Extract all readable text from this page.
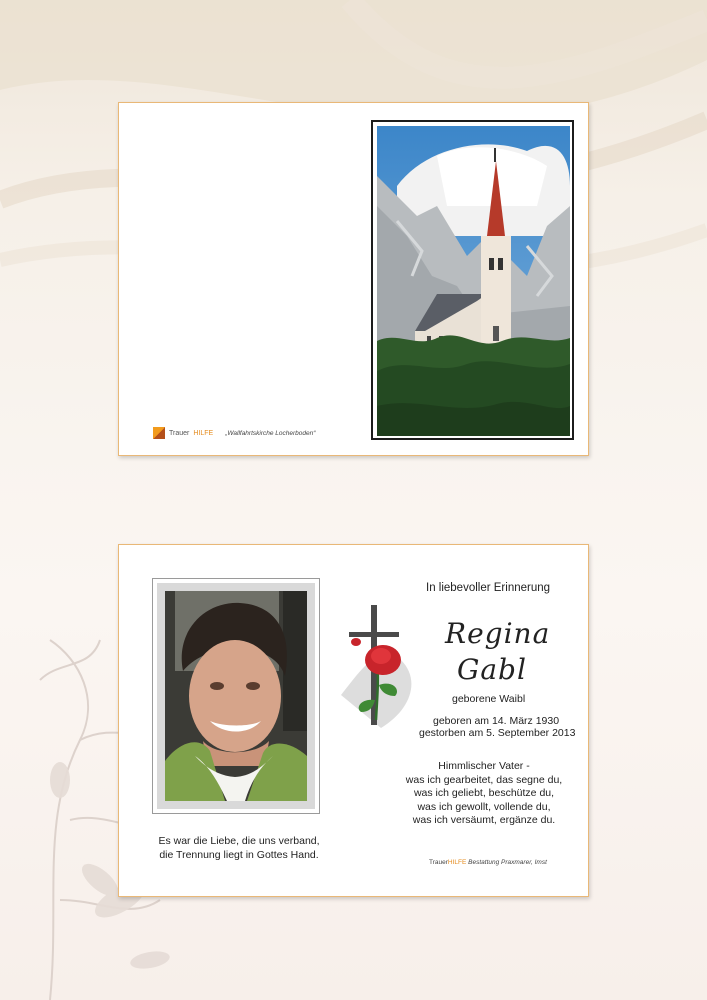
Trauer HILFE „Wallfahrtskirche Locherboden“
In liebevoller Erinnerung
Regina
Gabl
geborene Waibl
geboren am 14. März 1930
gestorben am 5. September 2013
Himmlischer Vater -
was ich gearbeitet, das segne du,
was ich geliebt, beschütze du,
was ich gewollt, vollende du,
was ich versäumt, ergänze du.
Es war die Liebe, die uns verband,
die Trennung liegt in Gottes Hand.
TrauerHILFE Bestattung Praxmarer, Imst
